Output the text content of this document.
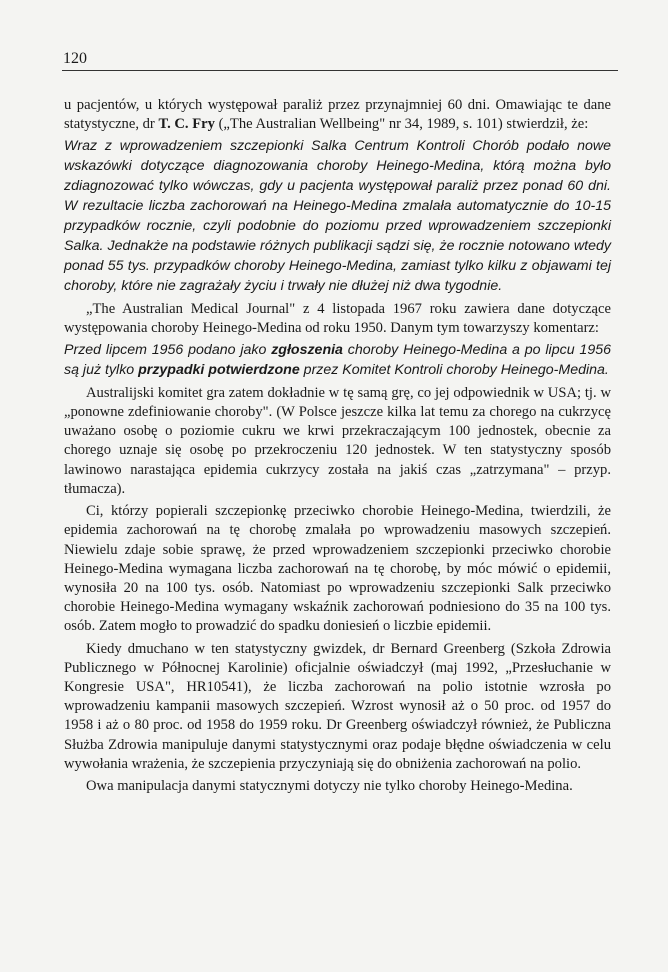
120

u pacjentów, u których występował paraliż przez przynajmniej 60 dni. Omawiając te dane statystyczne, dr T. C. Fry („The Australian Wellbeing" nr 34, 1989, s. 101) stwierdził, że:

Wraz z wprowadzeniem szczepionki Salka Centrum Kontroli Chorób podało nowe wskazówki dotyczące diagnozowania choroby Heinego-Medina, którą można było zdiagnozować tylko wówczas, gdy u pacjenta występował paraliż przez ponad 60 dni. W rezultacie liczba zachorowań na Heinego-Medina zmalała automatycznie do 10-15 przypadków rocznie, czyli podobnie do poziomu przed wprowadzeniem szczepionki Salka. Jednakże na podstawie różnych publikacji sądzi się, że rocznie notowano wtedy ponad 55 tys. przypadków choroby Heinego-Medina, zamiast tylko kilku z objawami tej choroby, które nie zagrażały życiu i trwały nie dłużej niż dwa tygodnie.

„The Australian Medical Journal" z 4 listopada 1967 roku zawiera dane dotyczące występowania choroby Heinego-Medina od roku 1950. Danym tym towarzyszy komentarz:

Przed lipcem 1956 podano jako zgłoszenia choroby Heinego-Medina a po lipcu 1956 są już tylko przypadki potwierdzone przez Komitet Kontroli choroby Heinego-Medina.

Australijski komitet gra zatem dokładnie w tę samą grę, co jej odpowiednik w USA; tj. w „ponowne zdefiniowanie choroby". (W Polsce jeszcze kilka lat temu za chorego na cukrzycę uważano osobę o poziomie cukru we krwi przekraczającym 100 jednostek, obecnie za chorego uznaje się osobę po przekroczeniu 120 jednostek. W ten statystyczny sposób lawinowo narastająca epidemia cukrzycy została na jakiś czas „zatrzymana" – przyp. tłumacza).

Ci, którzy popierali szczepionkę przeciwko chorobie Heinego-Medina, twierdzili, że epidemia zachorowań na tę chorobę zmalała po wprowadzeniu masowych szczepień. Niewielu zdaje sobie sprawę, że przed wprowadzeniem szczepionki przeciwko chorobie Heinego-Medina wymagana liczba zachorowań na tę chorobę, by móc mówić o epidemii, wynosiła 20 na 100 tys. osób. Natomiast po wprowadzeniu szczepionki Salk przeciwko chorobie Heinego-Medina wymagany wskaźnik zachorowań podniesiono do 35 na 100 tys. osób. Zatem mogło to prowadzić do spadku doniesień o liczbie epidemii.

Kiedy dmuchano w ten statystyczny gwizdek, dr Bernard Greenberg (Szkoła Zdrowia Publicznego w Północnej Karolinie) oficjalnie oświadczył (maj 1992, „Przesłuchanie w Kongresie USA", HR10541), że liczba zachorowań na polio istotnie wzrosła po wprowadzeniu kampanii masowych szczepień. Wzrost wynosił aż o 50 proc. od 1957 do 1958 i aż o 80 proc. od 1958 do 1959 roku. Dr Greenberg oświadczył również, że Publiczna Służba Zdrowia manipuluje danymi statystycznymi oraz podaje błędne oświadczenia w celu wywołania wrażenia, że szczepienia przyczyniają się do obniżenia zachorowań na polio.

Owa manipulacja danymi statycznymi dotyczy nie tylko choroby Heinego-Medina.
